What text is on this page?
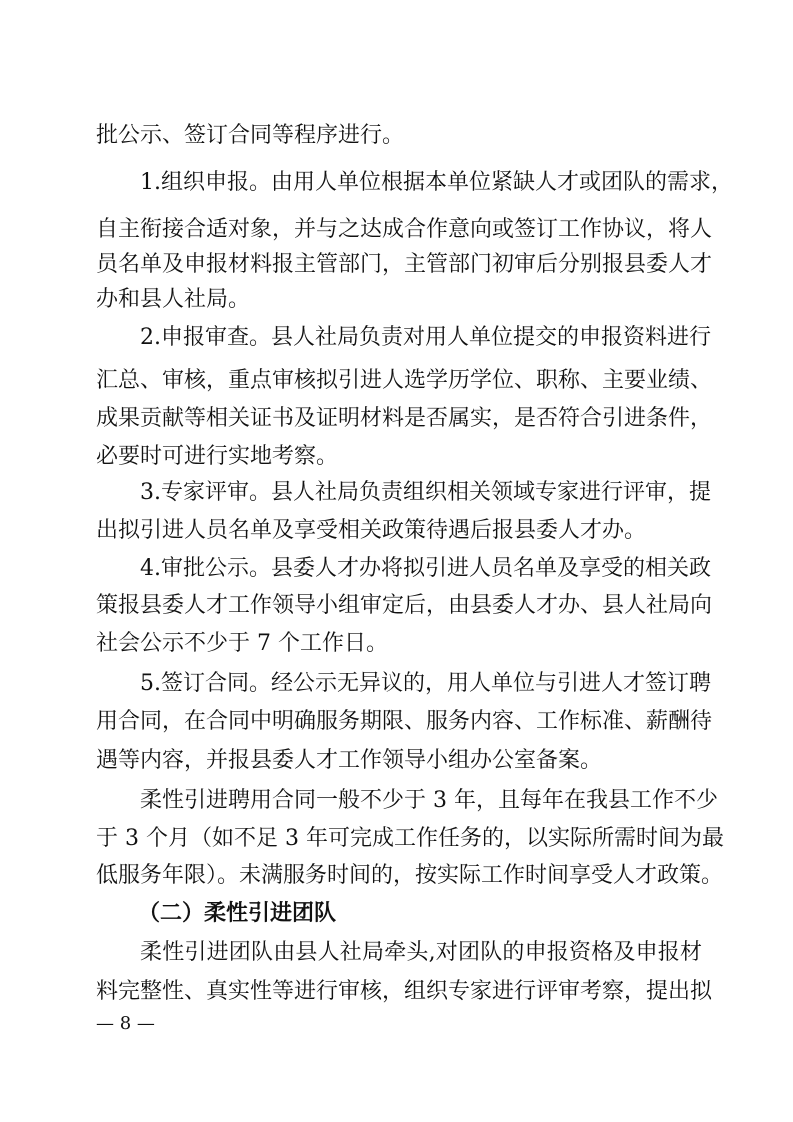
批公示、签订合同等程序进行。
1.组织申报。由用人单位根据本单位紧缺人才或团队的需求，
自主衔接合适对象，并与之达成合作意向或签订工作协议，将人
员名单及申报材料报主管部门，主管部门初审后分别报县委人才
办和县人社局。
2.申报审查。县人社局负责对用人单位提交的申报资料进行
汇总、审核，重点审核拟引进人选学历学位、职称、主要业绩、
成果贡献等相关证书及证明材料是否属实，是否符合引进条件，
必要时可进行实地考察。
3.专家评审。县人社局负责组织相关领域专家进行评审，提
出拟引进人员名单及享受相关政策待遇后报县委人才办。
4.审批公示。县委人才办将拟引进人员名单及享受的相关政
策报县委人才工作领导小组审定后，由县委人才办、县人社局向
社会公示不少于 7 个工作日。
5.签订合同。经公示无异议的，用人单位与引进人才签订聘
用合同，在合同中明确服务期限、服务内容、工作标准、薪酬待
遇等内容，并报县委人才工作领导小组办公室备案。
柔性引进聘用合同一般不少于 3 年，且每年在我县工作不少
于 3 个月（如不足 3 年可完成工作任务的，以实际所需时间为最
低服务年限）。未满服务时间的，按实际工作时间享受人才政策。
（二）柔性引进团队
柔性引进团队由县人社局牵头,对团队的申报资格及申报材
料完整性、真实性等进行审核，组织专家进行评审考察，提出拟
— 8 —
